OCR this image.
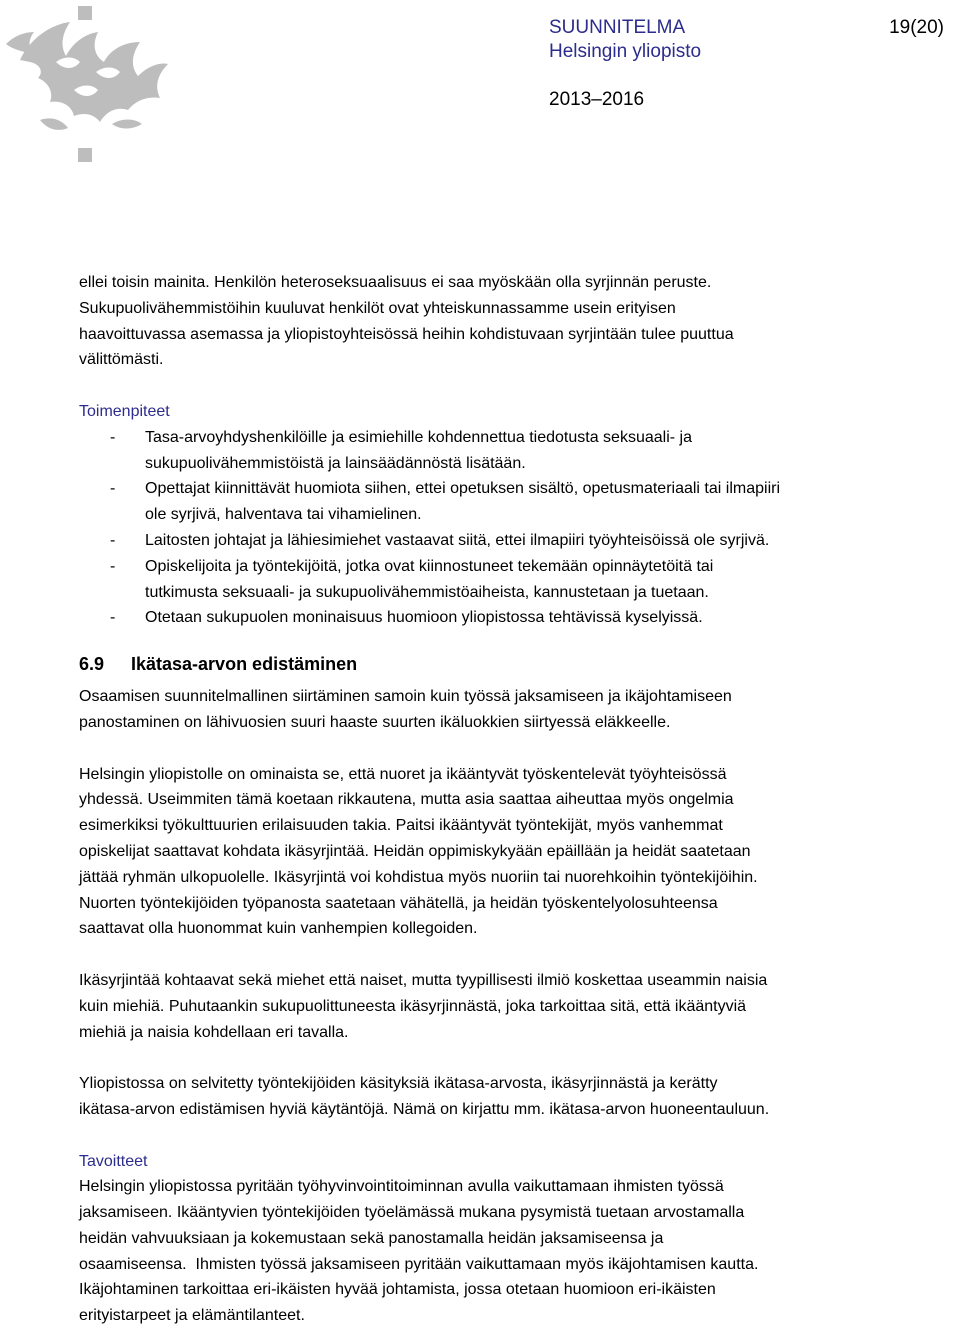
SUUNNITELMA
Helsingin yliopisto
19(20)
2013–2016

ellei toisin mainita. Henkilön heteroseksuaalisuus ei saa myöskään olla syrjinnän peruste.
Sukupuolivähemmistöihin kuuluvat henkilöt ovat yhteiskunnassamme usein erityisen
haavoittuvassa asemassa ja yliopistoyhteisössä heihin kohdistuvaan syrjintään tulee puuttua
välittömästi.

Toimenpiteet
- Tasa-arvoyhdyshenkilöille ja esimiehille kohdennettua tiedotusta seksuaali- ja
sukupuolivähemmistöistä ja lainsäädännöstä lisätään.
- Opettajat kiinnittävät huomiota siihen, ettei opetuksen sisältö, opetusmateriaali tai ilmapiiri
ole syrjivä, halventava tai vihamielinen.
- Laitosten johtajat ja lähiesimiehet vastaavat siitä, ettei ilmapiiri työyhteisöissä ole syrjivä.
- Opiskelijoita ja työntekijöitä, jotka ovat kiinnostuneet tekemään opinnäytetöitä tai
tutkimusta seksuaali- ja sukupuolivähemmistöaiheista, kannustetaan ja tuetaan.
- Otetaan sukupuolen moninaisuus huomioon yliopistossa tehtävissä kyselyissä.
6.9 Ikätasa-arvon edistäminen

Osaamisen suunnitelmallinen siirtäminen samoin kuin työssä jaksamiseen ja ikäjohtamiseen
panostaminen on lähivuosien suuri haaste suurten ikäluokkien siirtyessä eläkkeelle.

Helsingin yliopistolle on ominaista se, että nuoret ja ikääntyvät työskentelevät työyhteisössä
yhdessä. Useimmiten tämä koetaan rikkautena, mutta asia saattaa aiheuttaa myös ongelmia
esimerkiksi työkulttuurien erilaisuuden takia. Paitsi ikääntyvät työntekijät, myös vanhemmat
opiskelijat saattavat kohdata ikäsyrjintää. Heidän oppimiskykyään epäillään ja heidät saatetaan
jättää ryhmän ulkopuolelle. Ikäsyrjintä voi kohdistua myös nuoriin tai nuorehkoihin työntekijöihin.
Nuorten työntekijöiden työpanosta saatetaan vähätellä, ja heidän työskentelyolosuhteensa
saattavat olla huonommat kuin vanhempien kollegoiden.

Ikäsyrjintää kohtaavat sekä miehet että naiset, mutta tyypillisesti ilmiö koskettaa useammin naisia
kuin miehiä. Puhutaankin sukupuolittuneesta ikäsyrjinnästä, joka tarkoittaa sitä, että ikääntyviä
miehiä ja naisia kohdellaan eri tavalla.

Yliopistossa on selvitetty työntekijöiden käsityksiä ikätasa-arvosta, ikäsyrjinnästä ja kerätty
ikätasa-arvon edistämisen hyviä käytäntöjä. Nämä on kirjattu mm. ikätasa-arvon huoneentauluun.

Tavoitteet

Helsingin yliopistossa pyritään työhyvinvointitoiminnan avulla vaikuttamaan ihmisten työssä
jaksamiseen. Ikääntyvien työntekijöiden työelämässä mukana pysymistä tuetaan arvostamalla
heidän vahvuuksiaan ja kokemustaan sekä panostamalla heidän jaksamiseensa ja
osaamiseensa.  Ihmisten työssä jaksamiseen pyritään vaikuttamaan myös ikäjohtamisen kautta.
Ikäjohtaminen tarkoittaa eri-ikäisten hyvää johtamista, jossa otetaan huomioon eri-ikäisten
erityistarpeet ja elämäntilanteet.
